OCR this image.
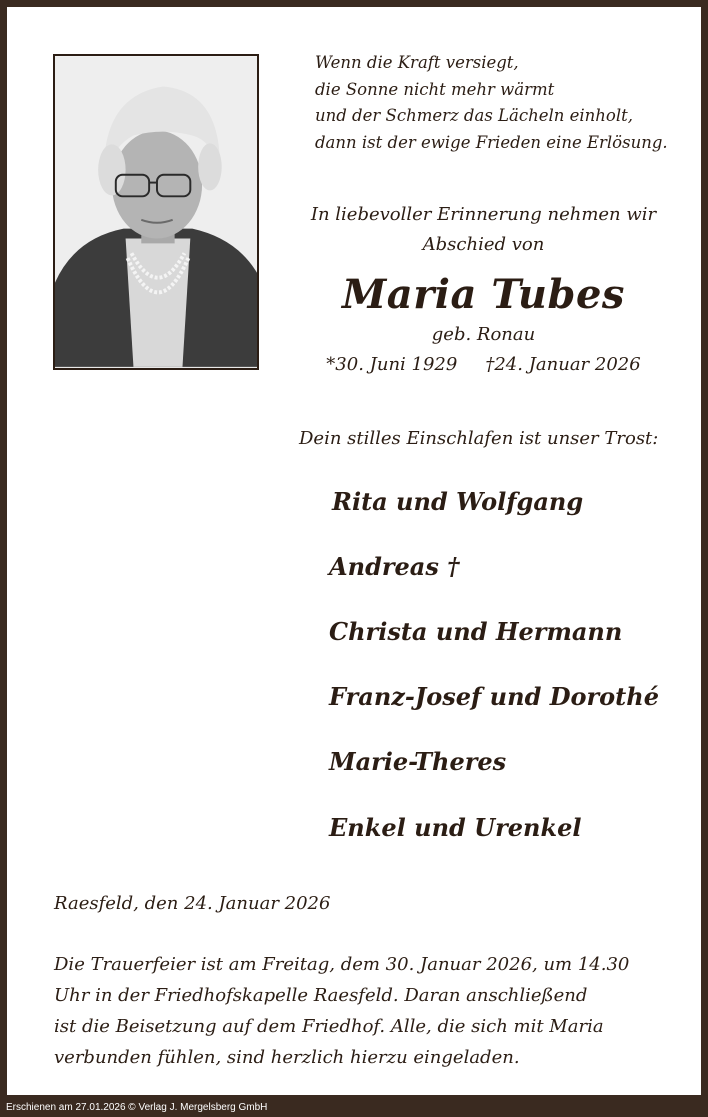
Wenn die Kraft versiegt,
die Sonne nicht mehr wärmt
und der Schmerz das Lächeln einholt,
dann ist der ewige Frieden eine Erlösung.
In liebevoller Erinnerung nehmen wir
Abschied von
Maria Tubes
geb. Ronau
*30. Juni 1929 †24. Januar 2026
Dein stilles Einschlafen ist unser Trost:
Rita und Wolfgang
Andreas †
Christa und Hermann
Franz-Josef und Dorothé
Marie-Theres
Enkel und Urenkel
Raesfeld, den 24. Januar 2026
Die Trauerfeier ist am Freitag, dem 30. Januar 2026, um 14.30
Uhr in der Friedhofskapelle Raesfeld. Daran anschließend
ist die Beisetzung auf dem Friedhof. Alle, die sich mit Maria
verbunden fühlen, sind herzlich hierzu eingeladen.
Erschienen am 27.01.2026 © Verlag J. Mergelsberg GmbH
